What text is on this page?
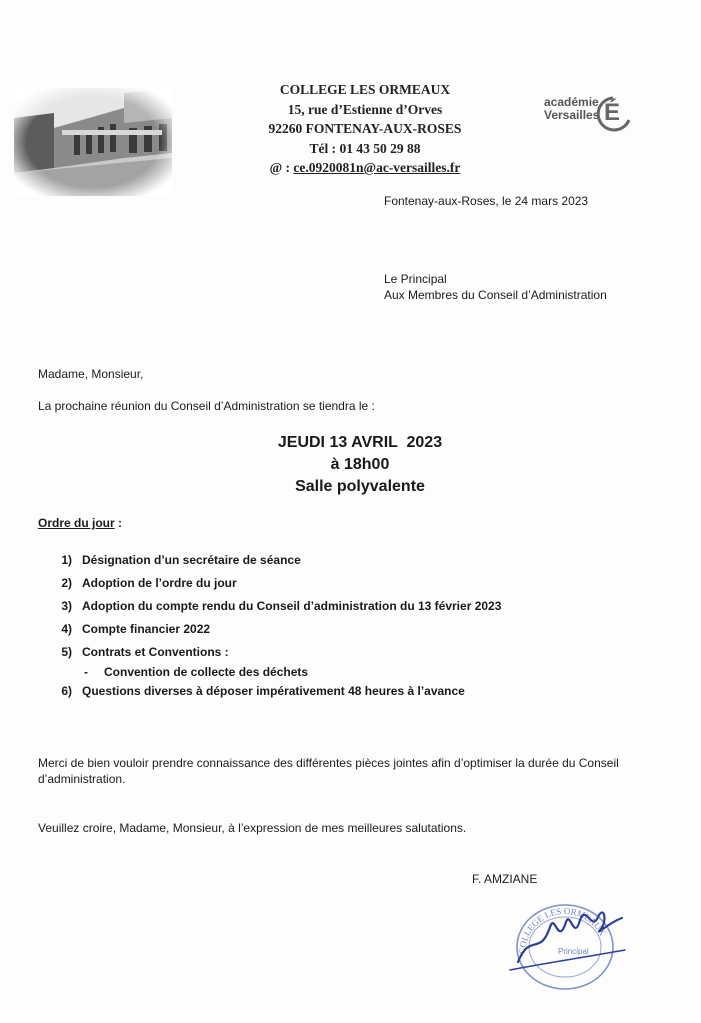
COLLEGE LES ORMEAUX
15, rue d’Estienne d’Orves
92260 FONTENAY-AUX-ROSES
Tél : 01 43 50 29 88
@ : ce.0920081n@ac-versailles.fr
académie
Versailles É
Fontenay-aux-Roses, le 24 mars 2023
Le Principal
Aux Membres du Conseil d’Administration
Madame, Monsieur,
La prochaine réunion du Conseil d’Administration se tiendra le :
JEUDI 13 AVRIL  2023
à 18h00
Salle polyvalente
Ordre du jour :
1) Désignation d’un secrétaire de séance
2) Adoption de l’ordre du jour
3) Adoption du compte rendu du Conseil d’administration du 13 février 2023
4) Compte financier 2022
5) Contrats et Conventions :
- Convention de collecte des déchets
6) Questions diverses à déposer impérativement 48 heures à l’avance
Merci de bien vouloir prendre connaissance des différentes pièces jointes afin d’optimiser la durée du Conseil
d’administration.
Veuillez croire, Madame, Monsieur, à l’expression de mes meilleures salutations.
F. AMZIANE
COLLEGE LES ORMEAUX
Principal
